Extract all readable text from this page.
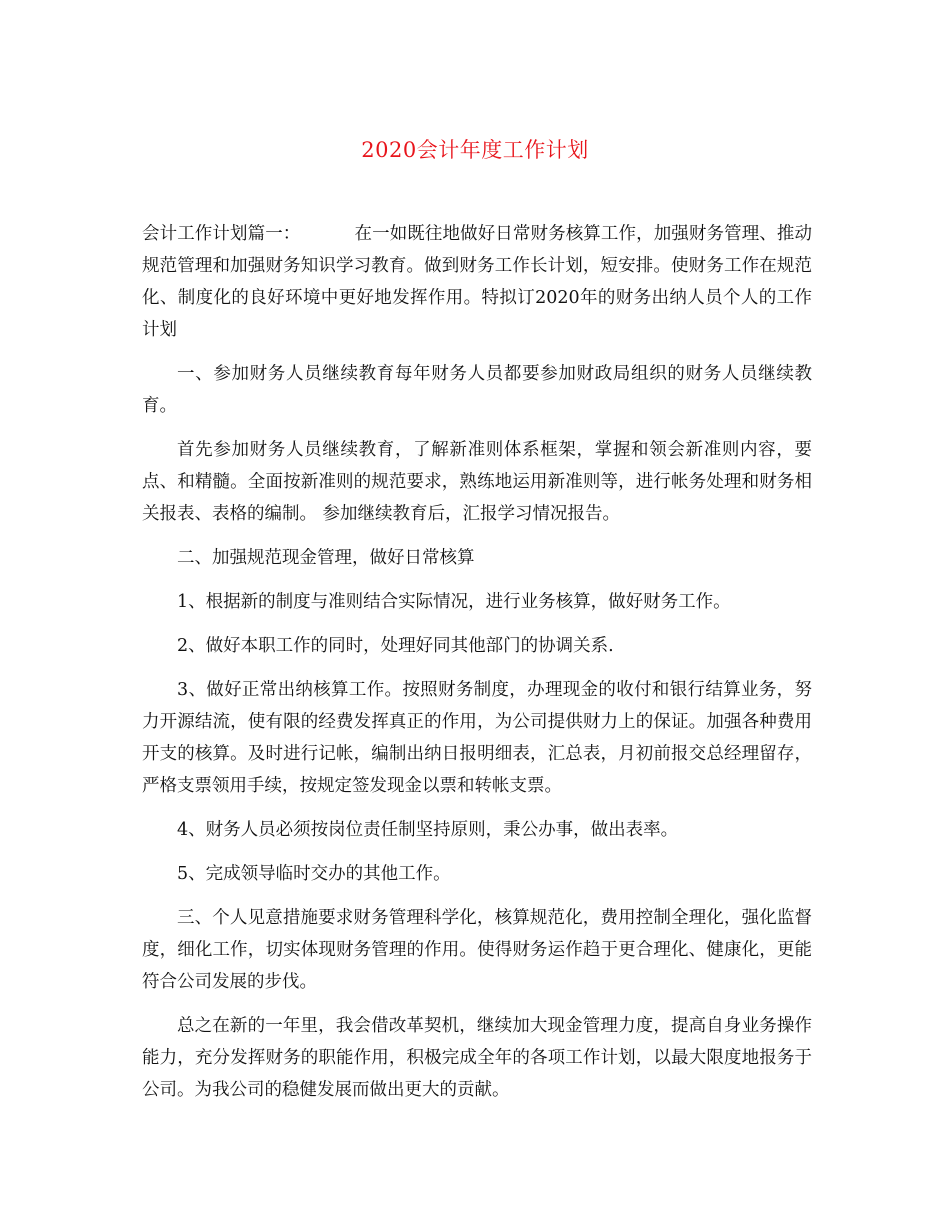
2020会计年度工作计划

会计工作计划篇一：	在一如既往地做好日常财务核算工作，加强财务管理、推动规范管理和加强财务知识学习教育。做到财务工作长计划，短安排。使财务工作在规范化、制度化的良好环境中更好地发挥作用。特拟订2020年的财务出纳人员个人的工作计划

一、参加财务人员继续教育每年财务人员都要参加财政局组织的财务人员继续教育。

首先参加财务人员继续教育，了解新准则体系框架，掌握和领会新准则内容，要点、和精髓。全面按新准则的规范要求，熟练地运用新准则等，进行帐务处理和财务相关报表、表格的编制。 参加继续教育后，汇报学习情况报告。

二、加强规范现金管理，做好日常核算

1、根据新的制度与准则结合实际情况，进行业务核算，做好财务工作。

2、做好本职工作的同时，处理好同其他部门的协调关系.

3、做好正常出纳核算工作。按照财务制度，办理现金的收付和银行结算业务，努力开源结流，使有限的经费发挥真正的作用，为公司提供财力上的保证。加强各种费用开支的核算。及时进行记帐，编制出纳日报明细表，汇总表，月初前报交总经理留存，严格支票领用手续，按规定签发现金以票和转帐支票。

4、财务人员必须按岗位责任制坚持原则，秉公办事，做出表率。

5、完成领导临时交办的其他工作。

三、个人见意措施要求财务管理科学化，核算规范化，费用控制全理化，强化监督度，细化工作，切实体现财务管理的作用。使得财务运作趋于更合理化、健康化，更能符合公司发展的步伐。

总之在新的一年里，我会借改革契机，继续加大现金管理力度，提高自身业务操作能力，充分发挥财务的职能作用，积极完成全年的各项工作计划，以最大限度地报务于公司。为我公司的稳健发展而做出更大的贡献。
